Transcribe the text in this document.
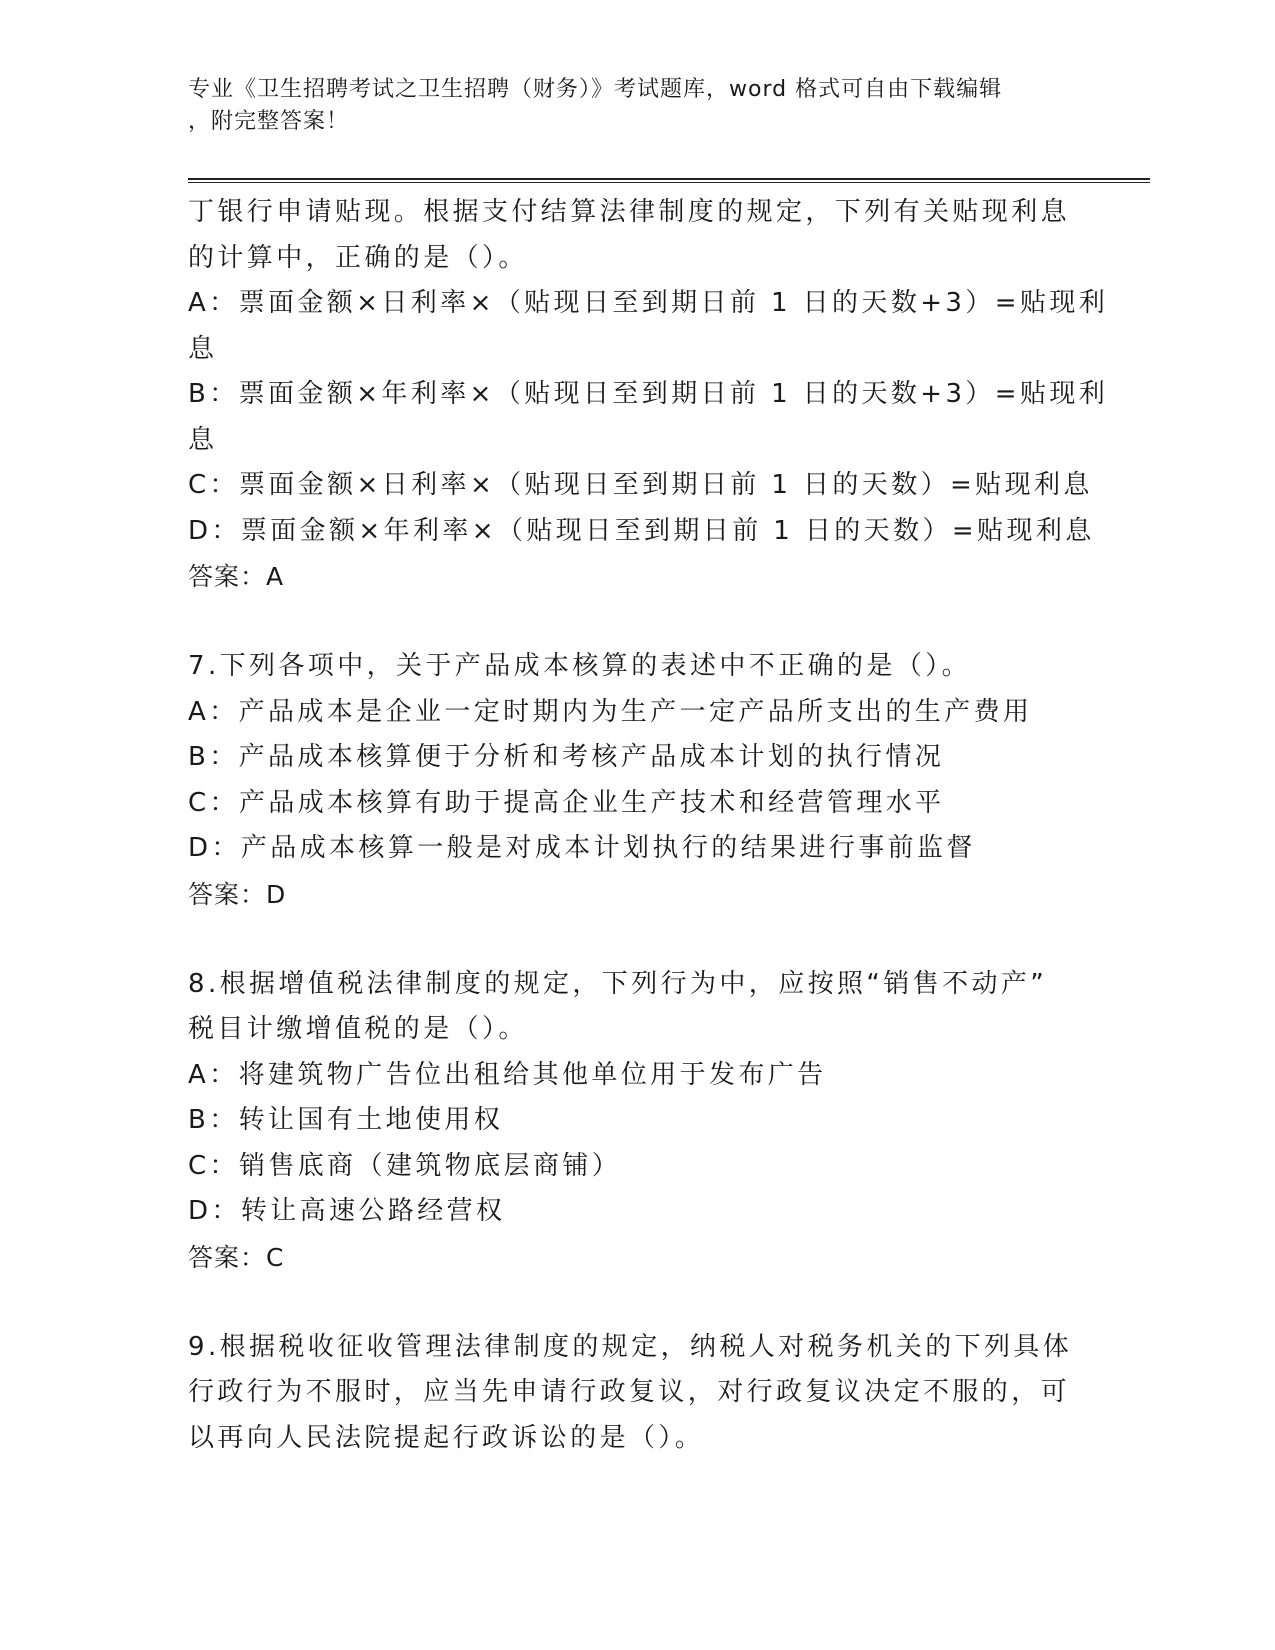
专业《卫生招聘考试之卫生招聘（财务）》考试题库，word 格式可自由下载编辑
，附完整答案！
丁银行申请贴现。根据支付结算法律制度的规定，下列有关贴现利息
的计算中，正确的是（）。
A：票面金额×日利率×（贴现日至到期日前 1 日的天数+3）=贴现利
息
B：票面金额×年利率×（贴现日至到期日前 1 日的天数+3）=贴现利
息
C：票面金额×日利率×（贴现日至到期日前 1 日的天数）=贴现利息
D：票面金额×年利率×（贴现日至到期日前 1 日的天数）=贴现利息
答案：A
7.下列各项中，关于产品成本核算的表述中不正确的是（）。
A：产品成本是企业一定时期内为生产一定产品所支出的生产费用
B：产品成本核算便于分析和考核产品成本计划的执行情况
C：产品成本核算有助于提高企业生产技术和经营管理水平
D：产品成本核算一般是对成本计划执行的结果进行事前监督
答案：D
8.根据增值税法律制度的规定，下列行为中，应按照“销售不动产”
税目计缴增值税的是（）。
A：将建筑物广告位出租给其他单位用于发布广告
B：转让国有土地使用权
C：销售底商（建筑物底层商铺）
D：转让高速公路经营权
答案：C
9.根据税收征收管理法律制度的规定，纳税人对税务机关的下列具体
行政行为不服时，应当先申请行政复议，对行政复议决定不服的，可
以再向人民法院提起行政诉讼的是（）。
